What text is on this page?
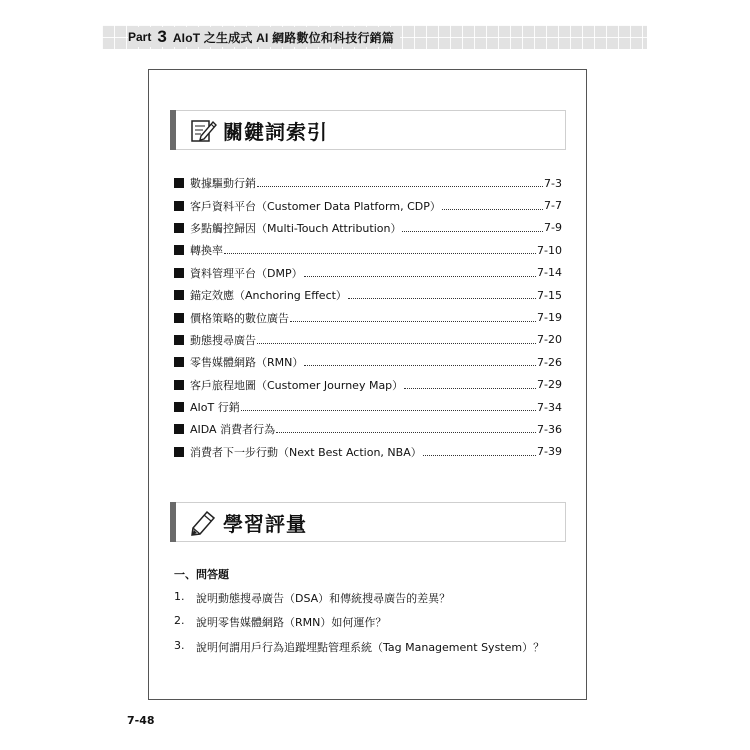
Part 3 AIoT 之生成式 AI 網路數位和科技行銷篇
關鍵詞索引
數據驅動行銷	7-3
客戶資料平台（Customer Data Platform, CDP）	7-7
多點觸控歸因（Multi-Touch Attribution）	7-9
轉換率	7-10
資料管理平台（DMP）	7-14
錨定效應（Anchoring Effect）	7-15
價格策略的數位廣告	7-19
動態搜尋廣告	7-20
零售媒體網路（RMN）	7-26
客戶旅程地圖（Customer Journey Map）	7-29
AIoT 行銷	7-34
AIDA 消費者行為	7-36
消費者下一步行動（Next Best Action, NBA）	7-39
學習評量
一、問答題
1. 說明動態搜尋廣告（DSA）和傳統搜尋廣告的差異？
2. 說明零售媒體網路（RMN）如何運作？
3. 說明何謂用戶行為追蹤埋點管理系統（Tag Management System）？
7-48
